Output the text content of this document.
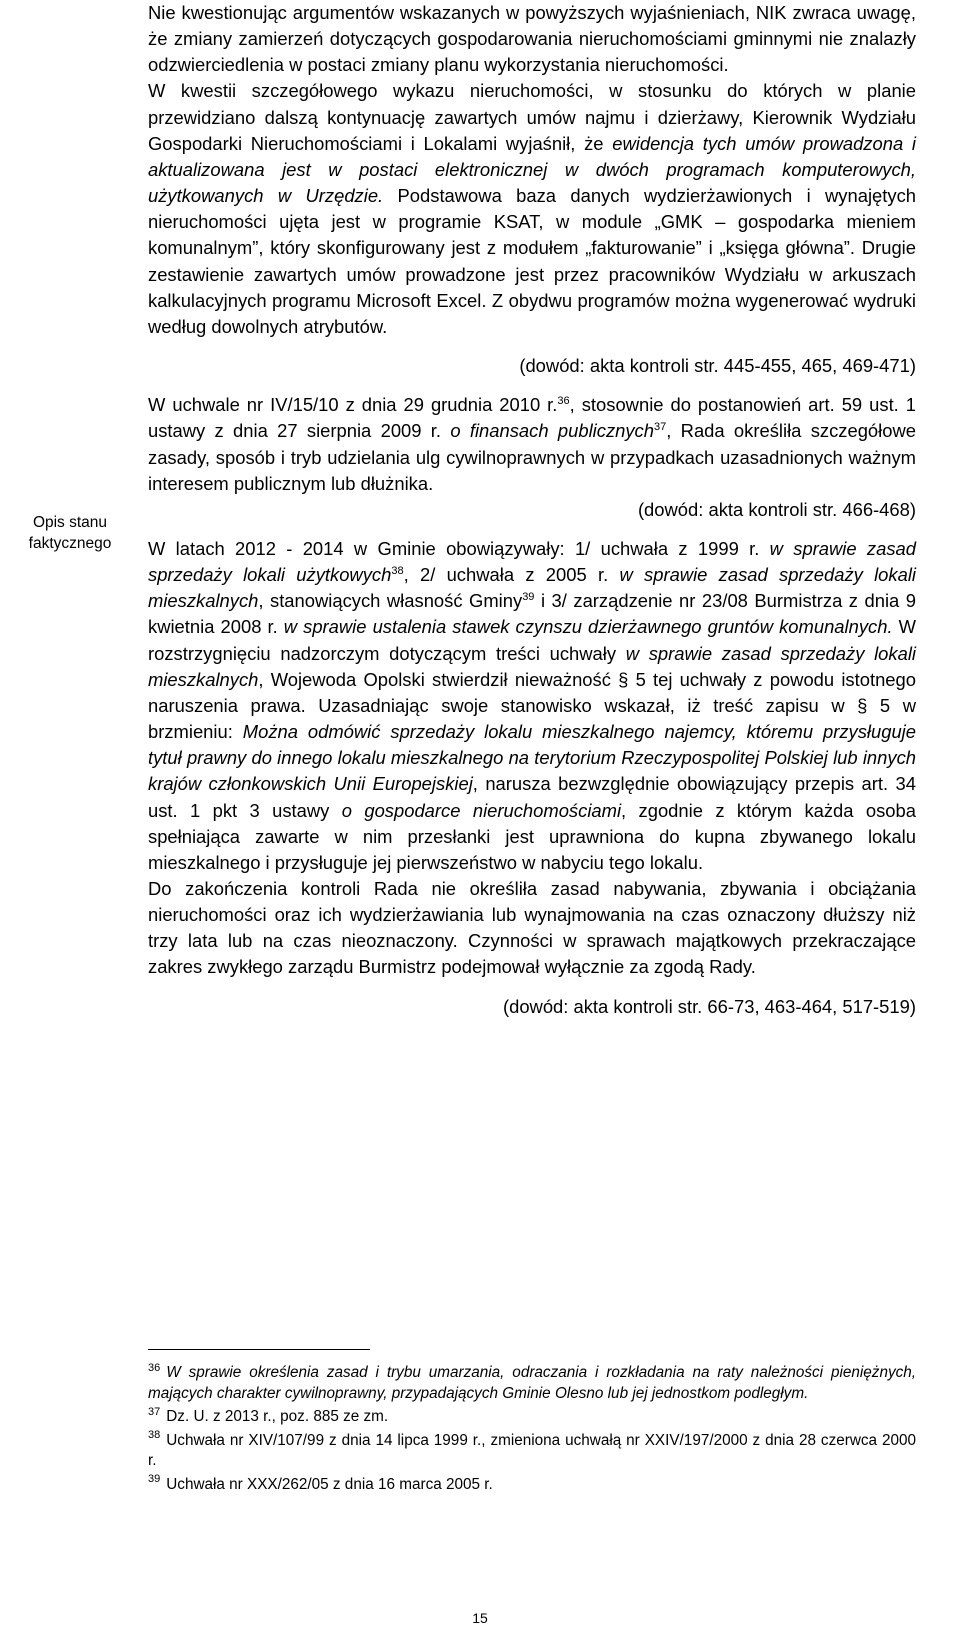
Opis stanu
faktycznego

Nie kwestionując argumentów wskazanych w powyższych wyjaśnieniach, NIK zwraca uwagę, że zmiany zamierzeń dotyczących gospodarowania nieruchomościami gminnymi nie znalazły odzwierciedlenia w postaci zmiany planu wykorzystania nieruchomości.

W kwestii szczegółowego wykazu nieruchomości, w stosunku do których w planie przewidziano dalszą kontynuację zawartych umów najmu i dzierżawy, Kierownik Wydziału Gospodarki Nieruchomościami i Lokalami wyjaśnił, że ewidencja tych umów prowadzona i aktualizowana jest w postaci elektronicznej w dwóch programach komputerowych, użytkowanych w Urzędzie. Podstawowa baza danych wydzierżawionych i wynajętych nieruchomości ujęta jest w programie KSAT, w module „GMK – gospodarka mieniem komunalnym”, który skonfigurowany jest z modułem „fakturowanie” i „księga główna”. Drugie zestawienie zawartych umów prowadzone jest przez pracowników Wydziału w arkuszach kalkulacyjnych programu Microsoft Excel. Z obydwu programów można wygenerować wydruki według dowolnych atrybutów.

(dowód: akta kontroli str. 445-455, 465, 469-471)

W uchwale nr IV/15/10 z dnia 29 grudnia 2010 r.$^{36}$, stosownie do postanowień art. 59 ust. 1 ustawy z dnia 27 sierpnia 2009 r. o finansach publicznych$^{37}$, Rada określiła szczegółowe zasady, sposób i tryb udzielania ulg cywilnoprawnych w przypadkach uzasadnionych ważnym interesem publicznym lub dłużnika.

(dowód: akta kontroli str. 466-468)

W latach 2012 - 2014 w Gminie obowiązywały: 1/ uchwała z 1999 r. w sprawie zasad sprzedaży lokali użytkowych$^{38}$, 2/ uchwała z 2005 r. w sprawie zasad sprzedaży lokali mieszkalnych, stanowiących własność Gminy$^{39}$ i 3/ zarządzenie nr 23/08 Burmistrza z dnia 9 kwietnia 2008 r. w sprawie ustalenia stawek czynszu dzierżawnego gruntów komunalnych. W rozstrzygnięciu nadzorczym dotyczącym treści uchwały w sprawie zasad sprzedaży lokali mieszkalnych, Wojewoda Opolski stwierdził nieważność § 5 tej uchwały z powodu istotnego naruszenia prawa. Uzasadniając swoje stanowisko wskazał, iż treść zapisu w § 5 w brzmieniu: Można odmówić sprzedaży lokalu mieszkalnego najemcy, któremu przysługuje tytuł prawny do innego lokalu mieszkalnego na terytorium Rzeczypospolitej Polskiej lub innych krajów członkowskich Unii Europejskiej, narusza bezwzględnie obowiązujący przepis art. 34 ust. 1 pkt 3 ustawy o gospodarce nieruchomościami, zgodnie z którym każda osoba spełniająca zawarte w nim przesłanki jest uprawniona do kupna zbywanego lokalu mieszkalnego i przysługuje jej pierwszeństwo w nabyciu tego lokalu.

Do zakończenia kontroli Rada nie określiła zasad nabywania, zbywania i obciążania nieruchomości oraz ich wydzierżawiania lub wynajmowania na czas oznaczony dłuższy niż trzy lata lub na czas nieoznaczony. Czynności w sprawach majątkowych przekraczające zakres zwykłego zarządu Burmistrz podejmował wyłącznie za zgodą Rady.

(dowód: akta kontroli str. 66-73, 463-464, 517-519)

$^{36}$ W sprawie określenia zasad i trybu umarzania, odraczania i rozkładania na raty należności pieniężnych, mających charakter cywilnoprawny, przypadających Gminie Olesno lub jej jednostkom podległym.

$^{37}$ Dz. U. z 2013 r., poz. 885 ze zm.

$^{38}$ Uchwała nr XIV/107/99 z dnia 14 lipca 1999 r., zmieniona uchwałą nr XXIV/197/2000 z dnia 28 czerwca 2000 r.

$^{39}$ Uchwała nr XXX/262/05 z dnia 16 marca 2005 r.

15
